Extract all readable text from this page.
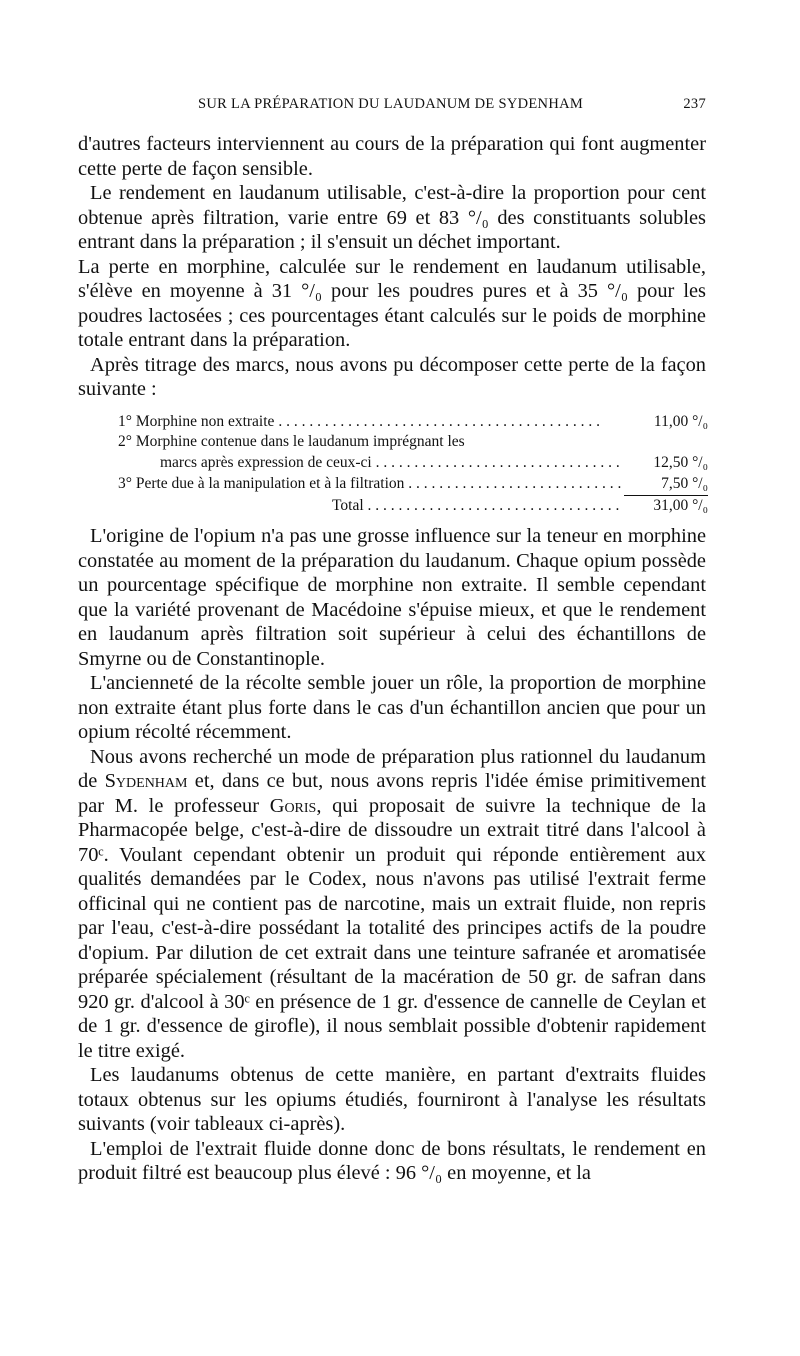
SUR LA PRÉPARATION DU LAUDANUM DE SYDENHAM	237

d'autres facteurs interviennent au cours de la préparation qui font augmenter cette perte de façon sensible.

Le rendement en laudanum utilisable, c'est-à-dire la proportion pour cent obtenue après filtration, varie entre 69 et 83 °/₀ des constituants solubles entrant dans la préparation ; il s'ensuit un déchet important.

La perte en morphine, calculée sur le rendement en laudanum utilisable, s'élève en moyenne à 31 °/₀ pour les poudres pures et à 35 °/₀ pour les poudres lactosées ; ces pourcentages étant calculés sur le poids de morphine totale entrant dans la préparation.

Après titrage des marcs, nous avons pu décomposer cette perte de la façon suivante :

1° Morphine non extraite . . .	11,00 °/₀
2° Morphine contenue dans le laudanum imprégnant les
marcs après expression de ceux-ci . . .	12,50 °/₀
3° Perte due à la manipulation et à la filtration . . .	7,50 °/₀
Total . . .	31,00 °/₀

L'origine de l'opium n'a pas une grosse influence sur la teneur en morphine constatée au moment de la préparation du laudanum. Chaque opium possède un pourcentage spécifique de morphine non extraite. Il semble cependant que la variété provenant de Macédoine s'épuise mieux, et que le rendement en laudanum après filtration soit supérieur à celui des échantillons de Smyrne ou de Constantinople.

L'ancienneté de la récolte semble jouer un rôle, la proportion de morphine non extraite étant plus forte dans le cas d'un échantillon ancien que pour un opium récolté récemment.

Nous avons recherché un mode de préparation plus rationnel du laudanum de Sydenham et, dans ce but, nous avons repris l'idée émise primitivement par M. le professeur Goris, qui proposait de suivre la technique de la Pharmacopée belge, c'est-à-dire de dissoudre un extrait titré dans l'alcool à 70ᶜ. Voulant cependant obtenir un produit qui réponde entièrement aux qualités demandées par le Codex, nous n'avons pas utilisé l'extrait ferme officinal qui ne contient pas de narcotine, mais un extrait fluide, non repris par l'eau, c'est-à-dire possédant la totalité des principes actifs de la poudre d'opium. Par dilution de cet extrait dans une teinture safranée et aromatisée préparée spécialement (résultant de la macération de 50 gr. de safran dans 920 gr. d'alcool à 30ᶜ en présence de 1 gr. d'essence de cannelle de Ceylan et de 1 gr. d'essence de girofle), il nous semblait possible d'obtenir rapidement le titre exigé.

Les laudanums obtenus de cette manière, en partant d'extraits fluides totaux obtenus sur les opiums étudiés, fourniront à l'analyse les résultats suivants (voir tableaux ci-après).

L'emploi de l'extrait fluide donne donc de bons résultats, le rendement en produit filtré est beaucoup plus élevé : 96 °/₀ en moyenne, et la
